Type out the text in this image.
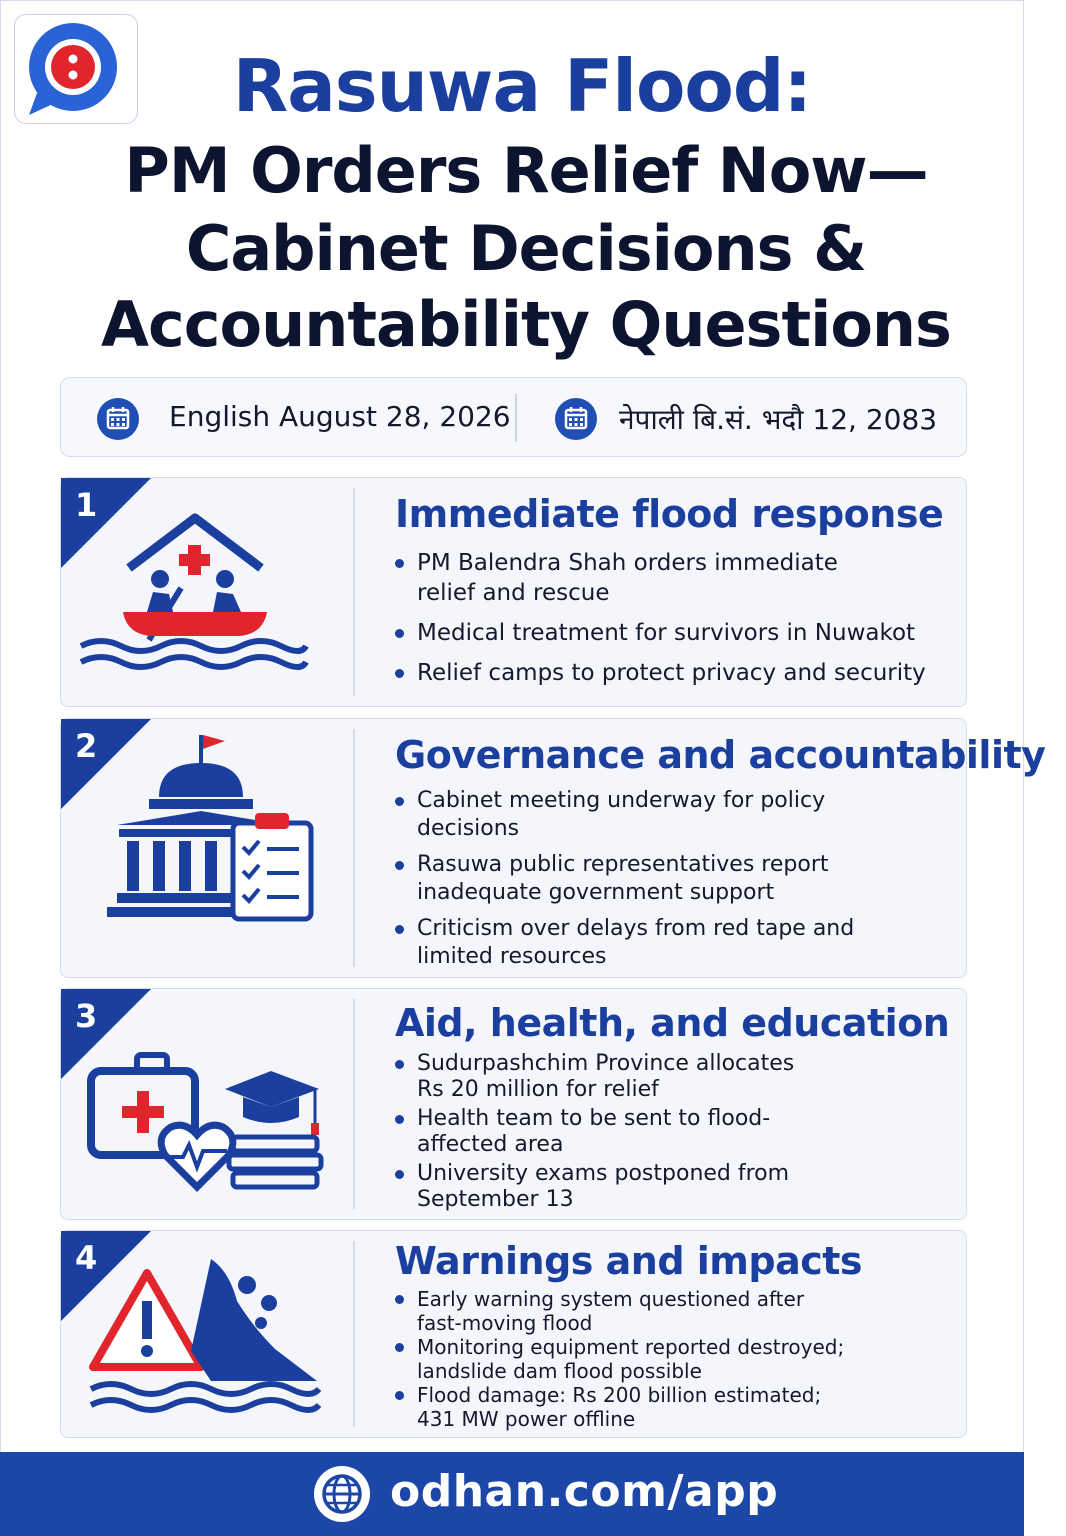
Rasuwa Flood:
PM Orders Relief Now—
Cabinet Decisions &
Accountability Questions
English August 28, 2026	नेपाली बि.सं. भदौ 12, 2083
1	Immediate flood response
PM Balendra Shah orders immediate relief and rescue
Medical treatment for survivors in Nuwakot
Relief camps to protect privacy and security
2	Governance and accountability
Cabinet meeting underway for policy decisions
Rasuwa public representatives report inadequate government support
Criticism over delays from red tape and limited resources
3	Aid, health, and education
Sudurpashchim Province allocates Rs 20 million for relief
Health team to be sent to flood-affected area
University exams postponed from September 13
4	Warnings and impacts
Early warning system questioned after fast-moving flood
Monitoring equipment reported destroyed; landslide dam flood possible
Flood damage: Rs 200 billion estimated; 431 MW power offline
odhan.com/app
